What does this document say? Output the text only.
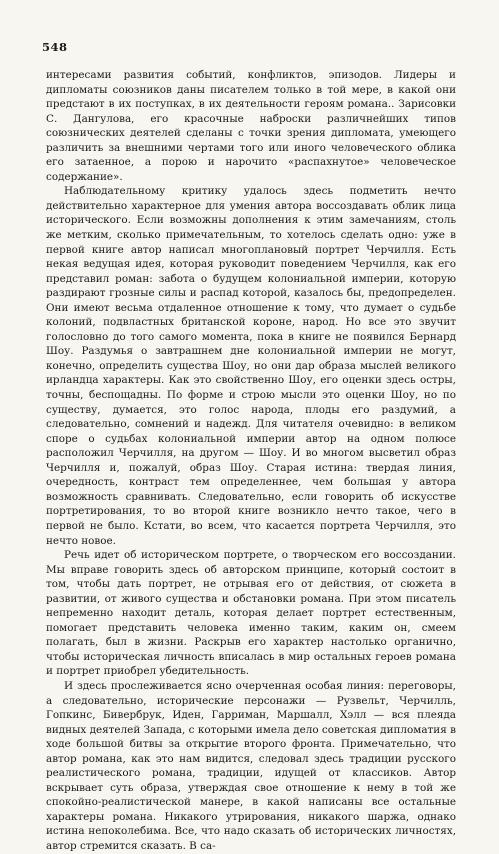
548

интересами развития событий, конфликтов, эпизодов. Лидеры и дипломаты союзников даны писателем только в той мере, в какой они предстают в их поступках, в их деятельности героям романа.. Зарисовки С. Дангулова, его красочные наброски различнейших типов союзнических деятелей сделаны с точки зрения дипломата, умеющего различить за внешними чертами того или иного человеческого облика его затаенное, а порою и нарочито «распахнутое» человеческое содержание».

Наблюдательному критику удалось здесь подметить нечто действительно характерное для умения автора воссоздавать облик лица исторического. Если возможны дополнения к этим замечаниям, столь же метким, сколько примечательным, то хотелось сделать одно: уже в первой книге автор написал многоплановый портрет Черчилля. Есть некая ведущая идея, которая руководит поведением Черчилля, как его представил роман: забота о будущем колониальной империи, которую раздирают грозные силы и распад которой, казалось бы, предопределен. Они имеют весьма отдаленное отношение к тому, что думает о судьбе колоний, подвластных британской короне, народ. Но все это звучит голословно до того самого момента, пока в книге не появился Бернард Шоу. Раздумья о завтрашнем дне колониальной империи не могут, конечно, определить существа Шоу, но они дар образа мыслей великого ирландца характеры. Как это свойственно Шоу, его оценки здесь остры, точны, беспощадны. По форме и строю мысли это оценки Шоу, но по существу, думается, это голос народа, плоды его раздумий, а следовательно, сомнений и надежд. Для читателя очевидно: в великом споре о судьбах колониальной империи автор на одном полюсе расположил Черчилля, на другом — Шоу. И во многом высветил образ Черчилля и, пожалуй, образ Шоу. Старая истина: твердая линия, очередность, контраст тем определеннее, чем большая у автора возможность сравнивать. Следовательно, если говорить об искусстве портретирования, то во второй книге возникло нечто такое, чего в первой не было. Кстати, во всем, что касается портрета Черчилля, это нечто новое.

Речь идет об историческом портрете, о творческом его воссоздании. Мы вправе говорить здесь об авторском принципе, который состоит в том, чтобы дать портрет, не отрывая его от действия, от сюжета в развитии, от живого существа и обстановки романа. При этом писатель непременно находит деталь, которая делает портрет естественным, помогает представить человека именно таким, каким он, смеем полагать, был в жизни. Раскрыв его характер настолько органично, чтобы историческая личность вписалась в мир остальных героев романа и портрет приобрел убедительность.

И здесь прослеживается ясно очерченная особая линия: переговоры, а следовательно, исторические персонажи — Рузвельт, Черчилль, Гопкинс, Бивербрук, Иден, Гарриман, Маршалл, Хэлл — вся плеяда видных деятелей Запада, с которыми имела дело советская дипломатия в ходе большой битвы за открытие второго фронта. Примечательно, что автор романа, как это нам видится, следовал здесь традиции русского реалистического романа, традиции, идущей от классиков. Автор вскрывает суть образа, утверждая свое отношение к нему в той же спокойно-реалистической манере, в какой написаны все остальные характеры романа. Никакого утрирования, никакого шаржа, однако истина непоколебима. Все, что надо сказать об исторических личностях, автор стремится сказать. В са-
